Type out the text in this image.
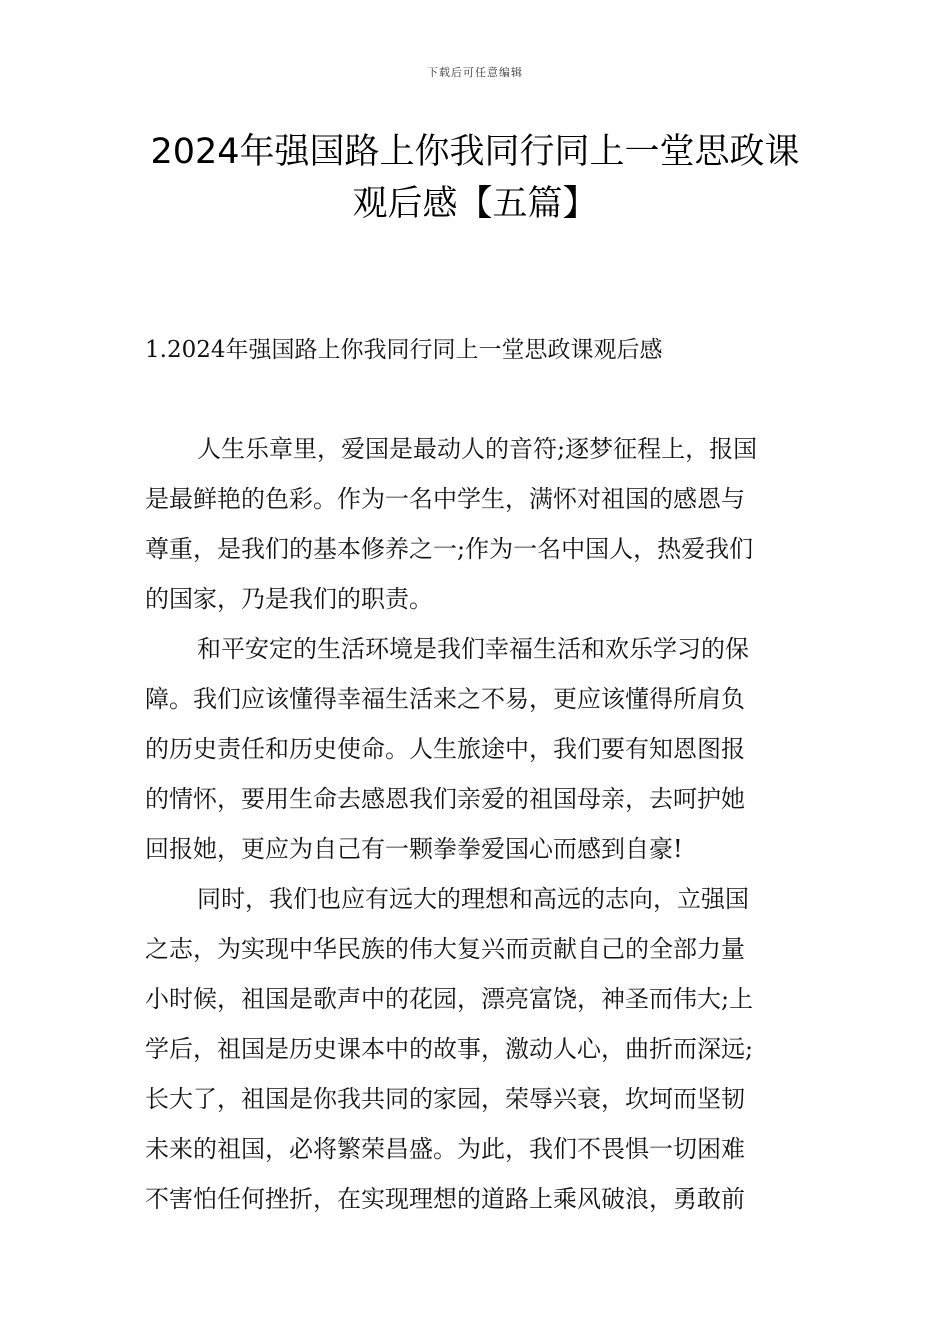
下载后可任意编辑
2024年强国路上你我同行同上一堂思政课
观后感【五篇】
1.2024年强国路上你我同行同上一堂思政课观后感
人生乐章里，爱国是最动人的音符;逐梦征程上，报国
是最鲜艳的色彩。作为一名中学生，满怀对祖国的感恩与
尊重，是我们的基本修养之一;作为一名中国人，热爱我们
的国家，乃是我们的职责。
和平安定的生活环境是我们幸福生活和欢乐学习的保
障。我们应该懂得幸福生活来之不易，更应该懂得所肩负
的历史责任和历史使命。人生旅途中，我们要有知恩图报
的情怀，要用生命去感恩我们亲爱的祖国母亲，去呵护她
回报她，更应为自己有一颗拳拳爱国心而感到自豪!
同时，我们也应有远大的理想和高远的志向，立强国
之志，为实现中华民族的伟大复兴而贡献自己的全部力量
小时候，祖国是歌声中的花园，漂亮富饶，神圣而伟大;上
学后，祖国是历史课本中的故事，激动人心，曲折而深远;
长大了，祖国是你我共同的家园，荣辱兴衰，坎坷而坚韧
未来的祖国，必将繁荣昌盛。为此，我们不畏惧一切困难
不害怕任何挫折，在实现理想的道路上乘风破浪，勇敢前
